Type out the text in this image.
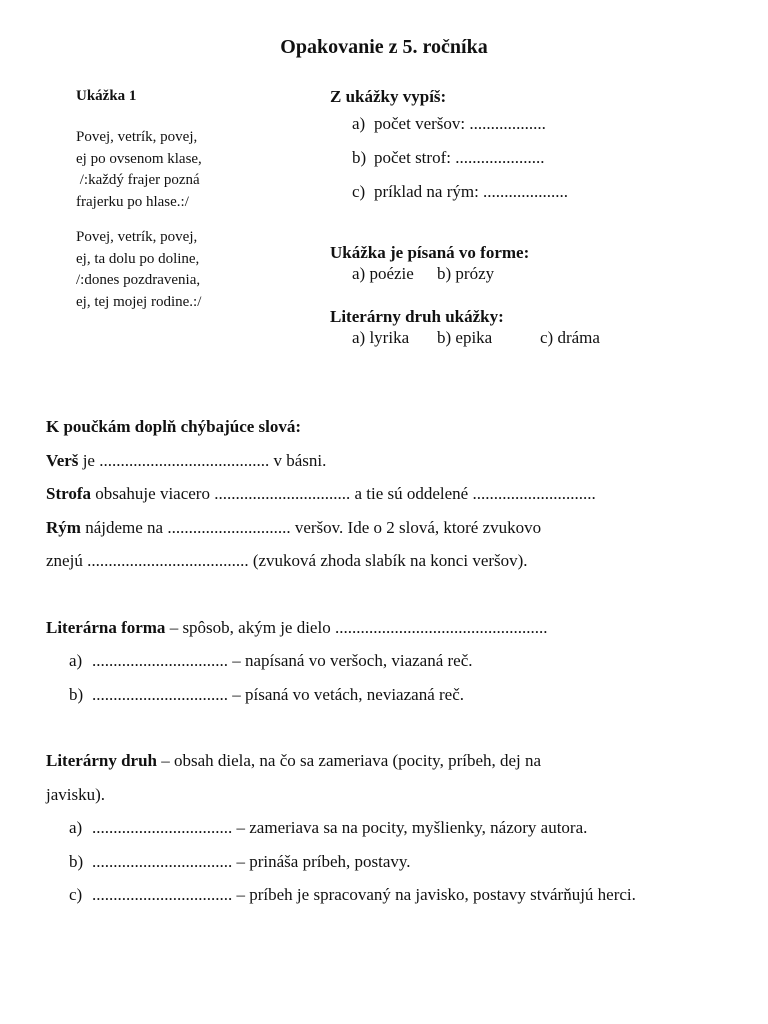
Opakovanie z 5. ročníka
Ukážka 1
Povej, vetrík, povej,
ej po ovsenom klase,
/:každý frajer pozná
frajerku po hlase.:/
Povej, vetrík, povej,
ej, ta dolu po doline,
/:dones pozdravenia,
ej, tej mojej rodine.:/
Z ukážky vypíš:
a) počet veršov: ..................
b) počet strof: .....................
c) príklad na rým: ....................
Ukážka je písaná vo forme:
a) poézie b) prózy
Literárny druh ukážky:
a) lyrika b) epika	c) dráma
K poučkám doplň chýbajúce slová:
Verš je ........................................ v básni.
Strofa obsahuje viacero ................................ a tie sú oddelené .............................
Rým nájdeme na ............................. veršov. Ide o 2 slová, ktoré zvukovo
znejú ...................................... (zvuková zhoda slabík na konci veršov).
Literárna forma – spôsob, akým je dielo ..................................................
a) ................................ – napísaná vo veršoch, viazaná reč.
b) ................................ – písaná vo vetách, neviazaná reč.
Literárny druh – obsah diela, na čo sa zameriava (pocity, príbeh, dej na
javisku).
a) ................................. – zameriava sa na pocity, myšlienky, názory autora.
b) ................................. – prináša príbeh, postavy.
c) ................................. – príbeh je spracovaný na javisko, postavy stvárňujú herci.
